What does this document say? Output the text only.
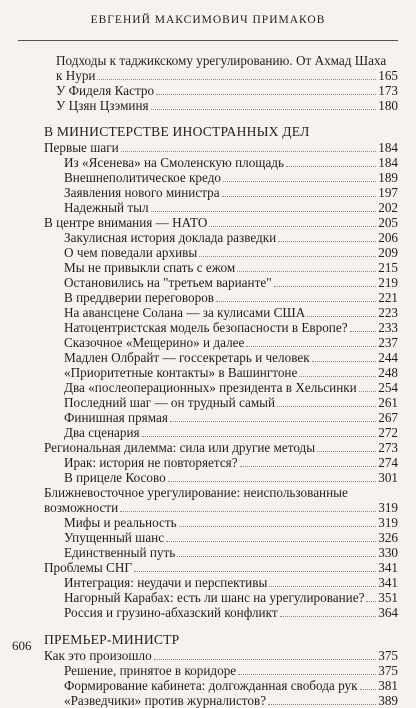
ЕВГЕНИЙ МАКСИМОВИЧ ПРИМАКОВ
Подходы к таджикскому урегулированию. От Ахмад Шаха
к Нури	165
У Фиделя Кастро	173
У Цзян Цзэминя	180
В МИНИСТЕРСТВЕ ИНОСТРАННЫХ ДЕЛ
Первые шаги	184
Из «Ясенева» на Смоленскую площадь	184
Внешнеполитическое кредо	189
Заявления нового министра	197
Надежный тыл	202
В центре внимания — НАТО	205
Закулисная история доклада разведки	206
О чем поведали архивы	209
Мы не привыкли спать с ежом	215
Остановились на "третьем варианте"	219
В преддверии переговоров	221
На авансцене Солана — за кулисами США	223
Натоцентристская модель безопасности в Европе? 233
Сказочное «Мещерино» и далее	237
Мадлен Олбрайт — госсекретарь и человек	244
«Приоритетные контакты» в Вашингтоне	248
Два «послеоперационных» президента в Хельсинки 254
Последний шаг — он трудный самый	261
Финишная прямая	267
Два сценария	272
Региональная дилемма: сила или другие методы	273
Ирак: история не повторяется?	274
В прицеле Косово	301
Ближневосточное урегулирование: неиспользованные
возможности	319
Мифы и реальность	319
Упущенный шанс	326
Единственный путь	330
Проблемы СНГ	341
Интеграция: неудачи и перспективы	341
Нагорный Карабах: есть ли шанс на урегулирование? 351
Россия и грузино-абхазский конфликт	364
ПРЕМЬЕР-МИНИСТР
Как это произошло	375
Решение, принятое в коридоре	375
Формирование кабинета: долгожданная свобода рук 381
«Разведчики» против журналистов?	389
606
